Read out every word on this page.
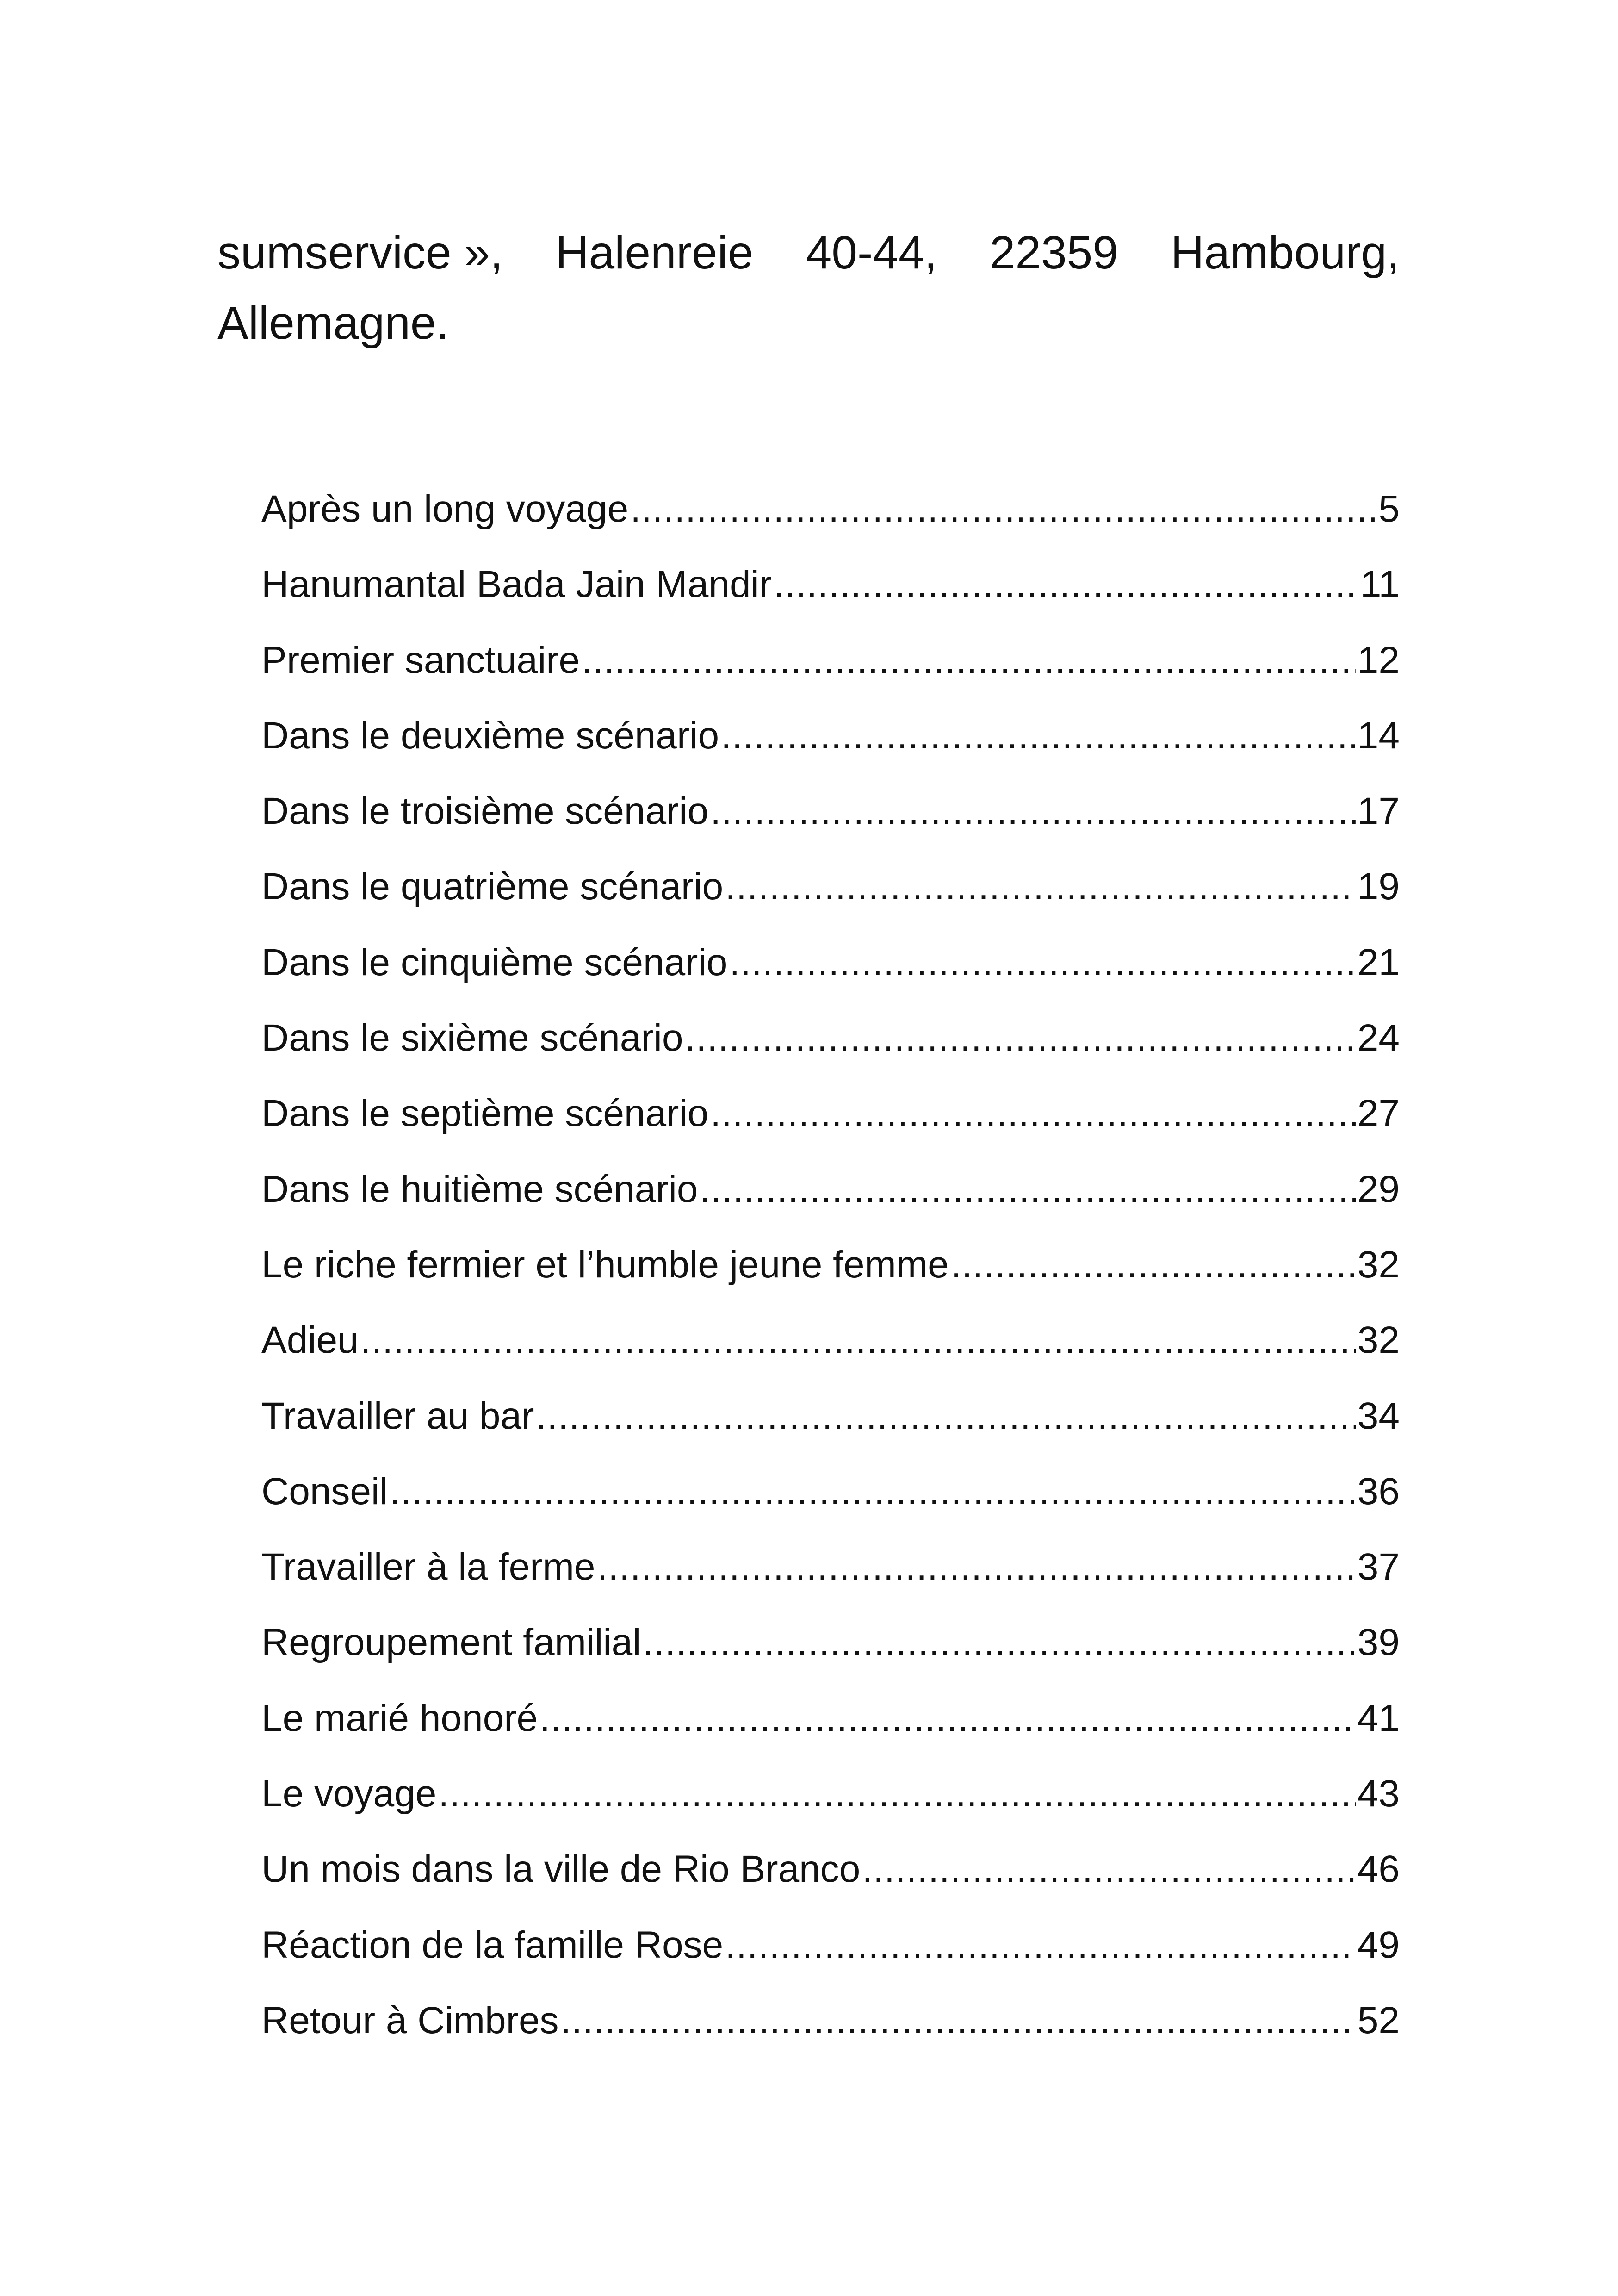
sumservice », Halenreie 40-44, 22359 Hambourg,
Allemagne.
Après un long voyage .....	5
Hanumantal Bada Jain Mandir .....	11
Premier sanctuaire .....	12
Dans le deuxième scénario .....	14
Dans le troisième scénario .....	17
Dans le quatrième scénario .....	19
Dans le cinquième scénario .....	21
Dans le sixième scénario .....	24
Dans le septième scénario .....	27
Dans le huitième scénario .....	29
Le riche fermier et l’humble jeune femme .....	32
Adieu .....	32
Travailler au bar .....	34
Conseil .....	36
Travailler à la ferme .....	37
Regroupement familial .....	39
Le marié honoré .....	41
Le voyage .....	43
Un mois dans la ville de Rio Branco .....	46
Réaction de la famille Rose .....	49
Retour à Cimbres .....	52
